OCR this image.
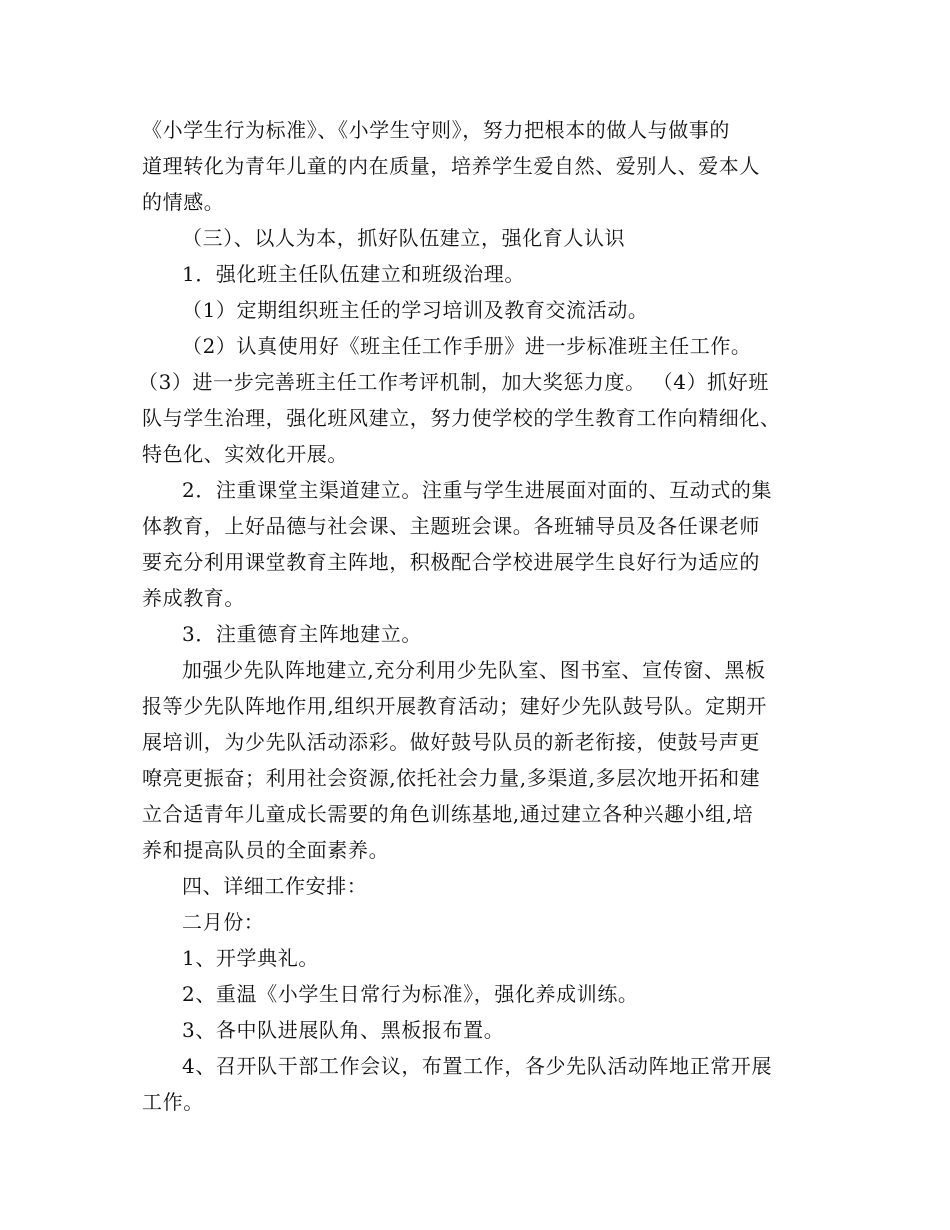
《小学生行为标准》、《小学生守则》，努力把根本的做人与做事的
道理转化为青年儿童的内在质量，培养学生爱自然、爱别人、爱本人
的情感。
（三）、以人为本，抓好队伍建立，强化育人认识
1．强化班主任队伍建立和班级治理。
（1）定期组织班主任的学习培训及教育交流活动。
（2）认真使用好《班主任工作手册》进一步标准班主任工作。
（3）进一步完善班主任工作考评机制，加大奖惩力度。 （4）抓好班
队与学生治理，强化班风建立，努力使学校的学生教育工作向精细化、
特色化、实效化开展。
2．注重课堂主渠道建立。注重与学生进展面对面的、互动式的集
体教育，上好品德与社会课、主题班会课。各班辅导员及各任课老师
要充分利用课堂教育主阵地，积极配合学校进展学生良好行为适应的
养成教育。
3．注重德育主阵地建立。
加强少先队阵地建立,充分利用少先队室、图书室、宣传窗、黑板
报等少先队阵地作用,组织开展教育活动；建好少先队鼓号队。定期开
展培训，为少先队活动添彩。做好鼓号队员的新老衔接，使鼓号声更
嘹亮更振奋；利用社会资源,依托社会力量,多渠道,多层次地开拓和建
立合适青年儿童成长需要的角色训练基地,通过建立各种兴趣小组,培
养和提高队员的全面素养。
四、详细工作安排：
二月份：
1、开学典礼。
2、重温《小学生日常行为标准》，强化养成训练。
3、各中队进展队角、黑板报布置。
4、召开队干部工作会议，布置工作，各少先队活动阵地正常开展
工作。
